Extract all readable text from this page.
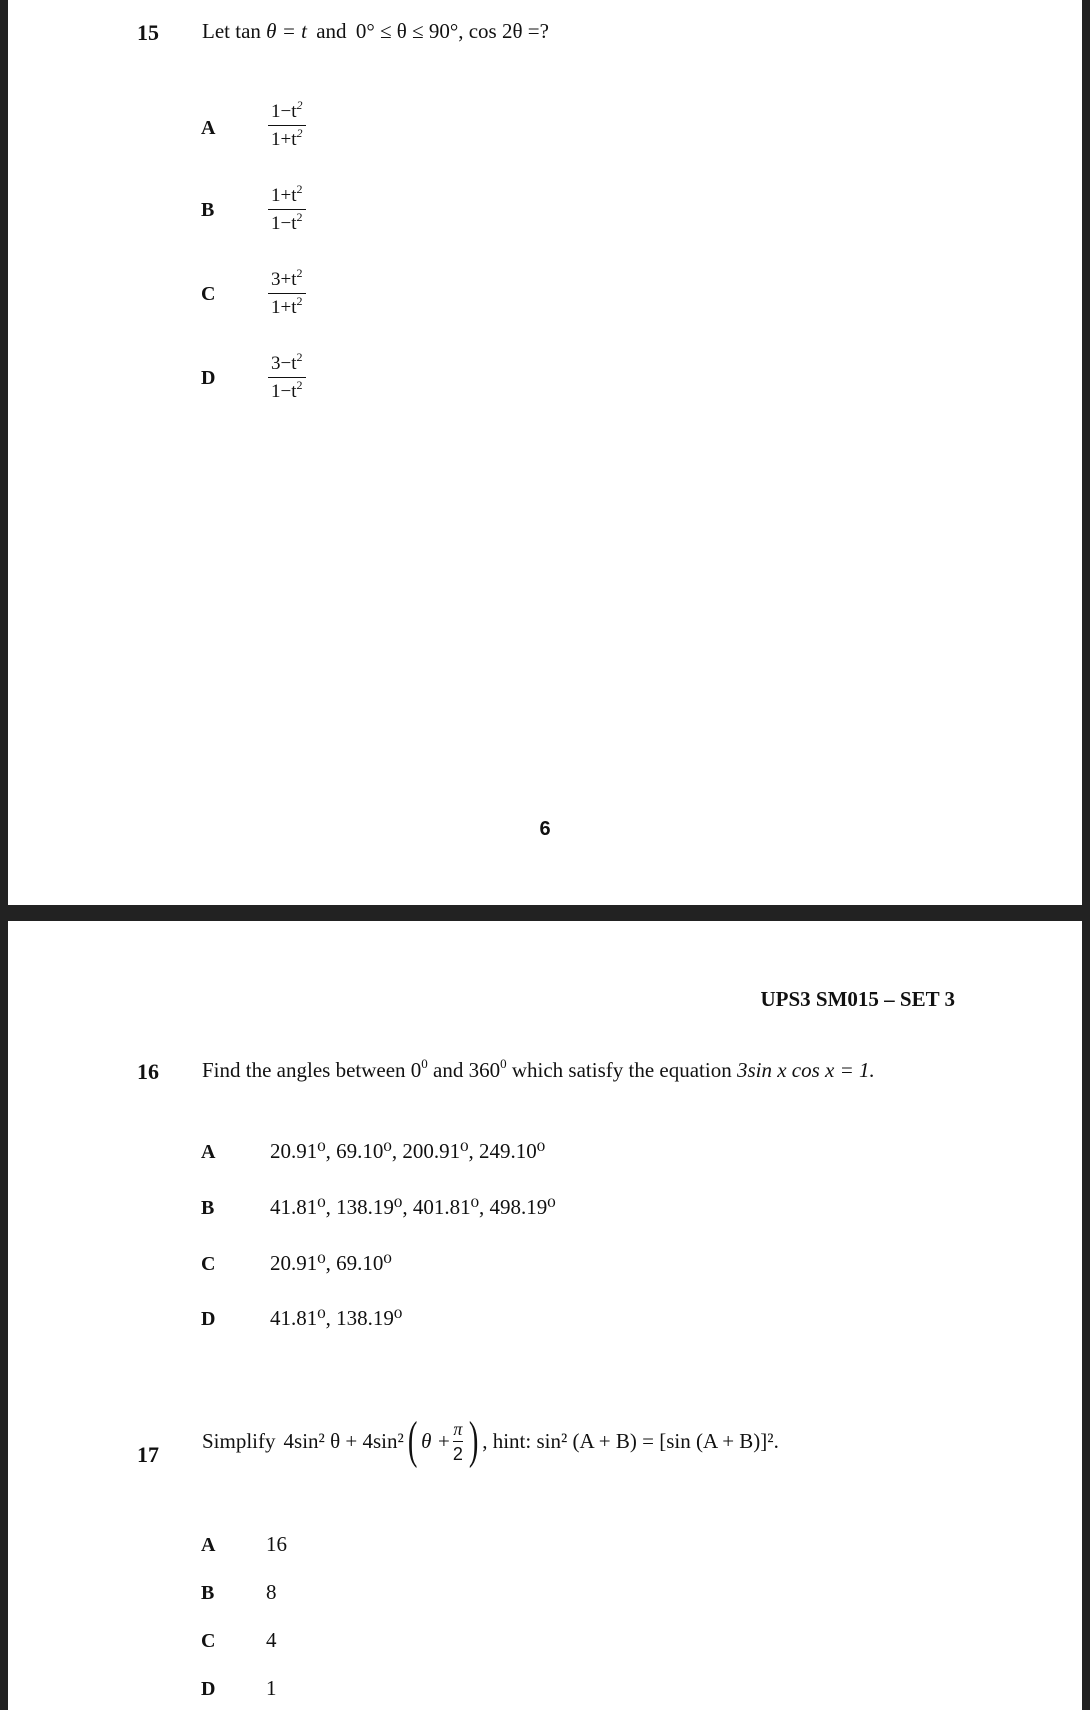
15 Let tan θ = t and 0° ≤ θ ≤ 90°, cos 2θ =?
A	$\frac{1-t^2}{1+t^2}$
B	$\frac{1+t^2}{1-t^2}$
C	$\frac{3+t^2}{1+t^2}$
D	$\frac{3-t^2}{1-t^2}$
6
UPS3 SM015 – SET 3
16 Find the angles between $0^0$ and $360^0$ which satisfy the equation 3sin x cos x = 1.
A	20.91⁰, 69.10⁰, 200.91⁰, 249.10⁰
B	41.81⁰, 138.19⁰, 401.81⁰, 498.19⁰
C	20.91⁰, 69.10⁰
D	41.81⁰, 138.19⁰
17
Simplify 4sin² θ + 4sin² ( $\theta + \frac{\pi}{2}$ ) , hint: sin² (A + B) = [sin (A + B)]².
A 16
B 8
C 4
D 1
